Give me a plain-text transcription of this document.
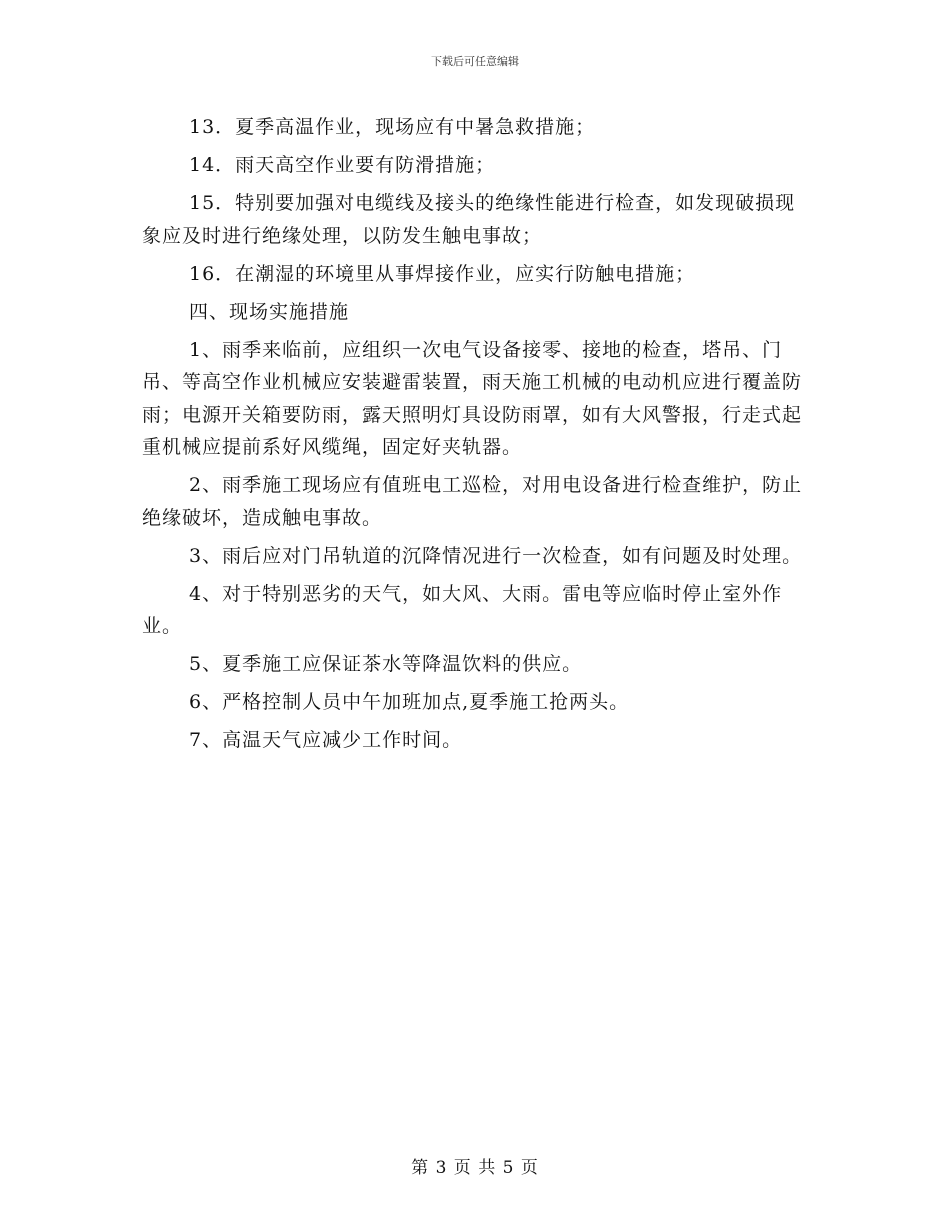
下载后可任意编辑

13．夏季高温作业，现场应有中暑急救措施；

14．雨天高空作业要有防滑措施；

15．特别要加强对电缆线及接头的绝缘性能进行检查，如发现破损现象应及时进行绝缘处理，以防发生触电事故；

16．在潮湿的环境里从事焊接作业，应实行防触电措施；

四、现场实施措施

1、雨季来临前，应组织一次电气设备接零、接地的检查，塔吊、门吊、等高空作业机械应安装避雷装置，雨天施工机械的电动机应进行覆盖防雨；电源开关箱要防雨，露天照明灯具设防雨罩，如有大风警报，行走式起重机械应提前系好风缆绳，固定好夹轨器。

2、雨季施工现场应有值班电工巡检，对用电设备进行检查维护，防止绝缘破坏，造成触电事故。

3、雨后应对门吊轨道的沉降情况进行一次检查，如有问题及时处理。

4、对于特别恶劣的天气，如大风、大雨。雷电等应临时停止室外作业。

5、夏季施工应保证茶水等降温饮料的供应。

6、严格控制人员中午加班加点,夏季施工抢两头。

7、高温天气应减少工作时间。

第 3 页 共 5 页
